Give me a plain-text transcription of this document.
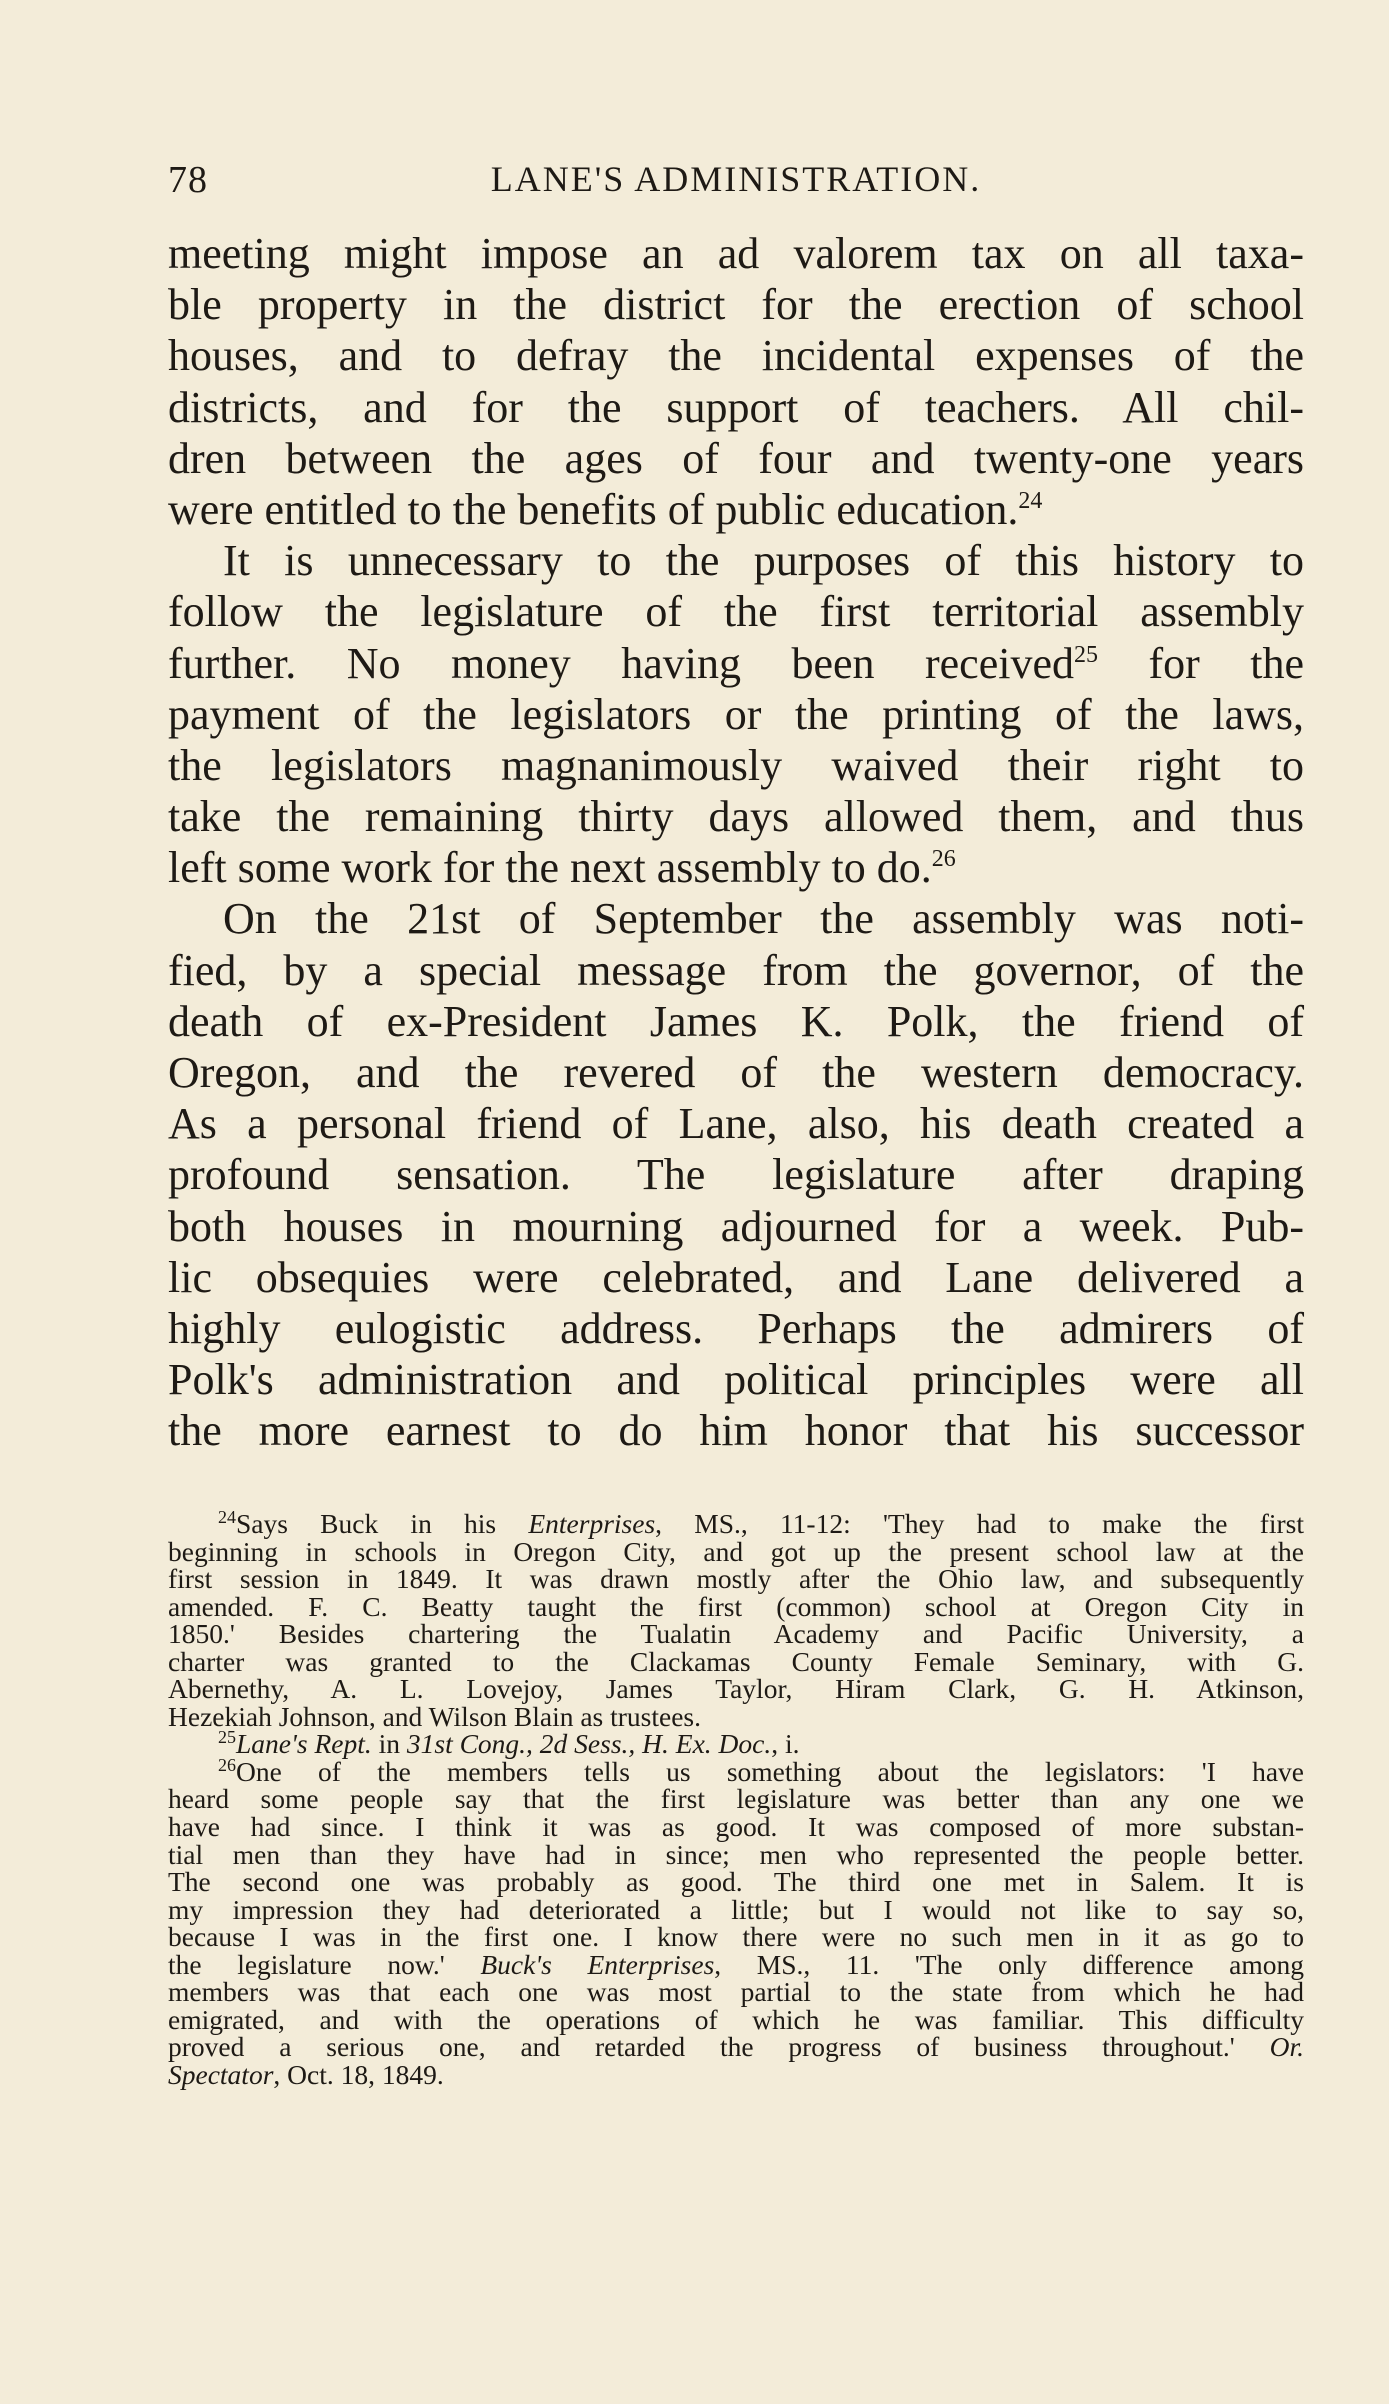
78	LANE'S ADMINISTRATION.
meeting might impose an ad valorem tax on all taxa-
ble property in the district for the erection of school
houses, and to defray the incidental expenses of the
districts, and for the support of teachers. All chil-
dren between the ages of four and twenty-one years
were entitled to the benefits of public education.$^{24}$
It is unnecessary to the purposes of this history to
follow the legislature of the first territorial assembly
further. No money having been received$^{25}$ for the
payment of the legislators or the printing of the laws,
the legislators magnanimously waived their right to
take the remaining thirty days allowed them, and thus
left some work for the next assembly to do.$^{26}$
On the 21st of September the assembly was noti-
fied, by a special message from the governor, of the
death of ex-President James K. Polk, the friend of
Oregon, and the revered of the western democracy.
As a personal friend of Lane, also, his death created a
profound sensation. The legislature after draping
both houses in mourning adjourned for a week. Pub-
lic obsequies were celebrated, and Lane delivered a
highly eulogistic address. Perhaps the admirers of
Polk's administration and political principles were all
the more earnest to do him honor that his successor
$^{24}$Says Buck in his Enterprises, MS., 11-12: 'They had to make the first
beginning in schools in Oregon City, and got up the present school law at the
first session in 1849. It was drawn mostly after the Ohio law, and subsequently
amended. F. C. Beatty taught the first (common) school at Oregon City in
1850.' Besides chartering the Tualatin Academy and Pacific University, a
charter was granted to the Clackamas County Female Seminary, with G.
Abernethy, A. L. Lovejoy, James Taylor, Hiram Clark, G. H. Atkinson,
Hezekiah Johnson, and Wilson Blain as trustees.
$^{25}$Lane's Rept. in 31st Cong., 2d Sess., H. Ex. Doc., i.
$^{26}$One of the members tells us something about the legislators: 'I have
heard some people say that the first legislature was better than any one we
have had since. I think it was as good. It was composed of more substan-
tial men than they have had in since; men who represented the people better.
The second one was probably as good. The third one met in Salem. It is
my impression they had deteriorated a little; but I would not like to say so,
because I was in the first one. I know there were no such men in it as go to
the legislature now.' Buck's Enterprises, MS., 11. 'The only difference among
members was that each one was most partial to the state from which he had
emigrated, and with the operations of which he was familiar. This difficulty
proved a serious one, and retarded the progress of business throughout.' Or.
Spectator, Oct. 18, 1849.
